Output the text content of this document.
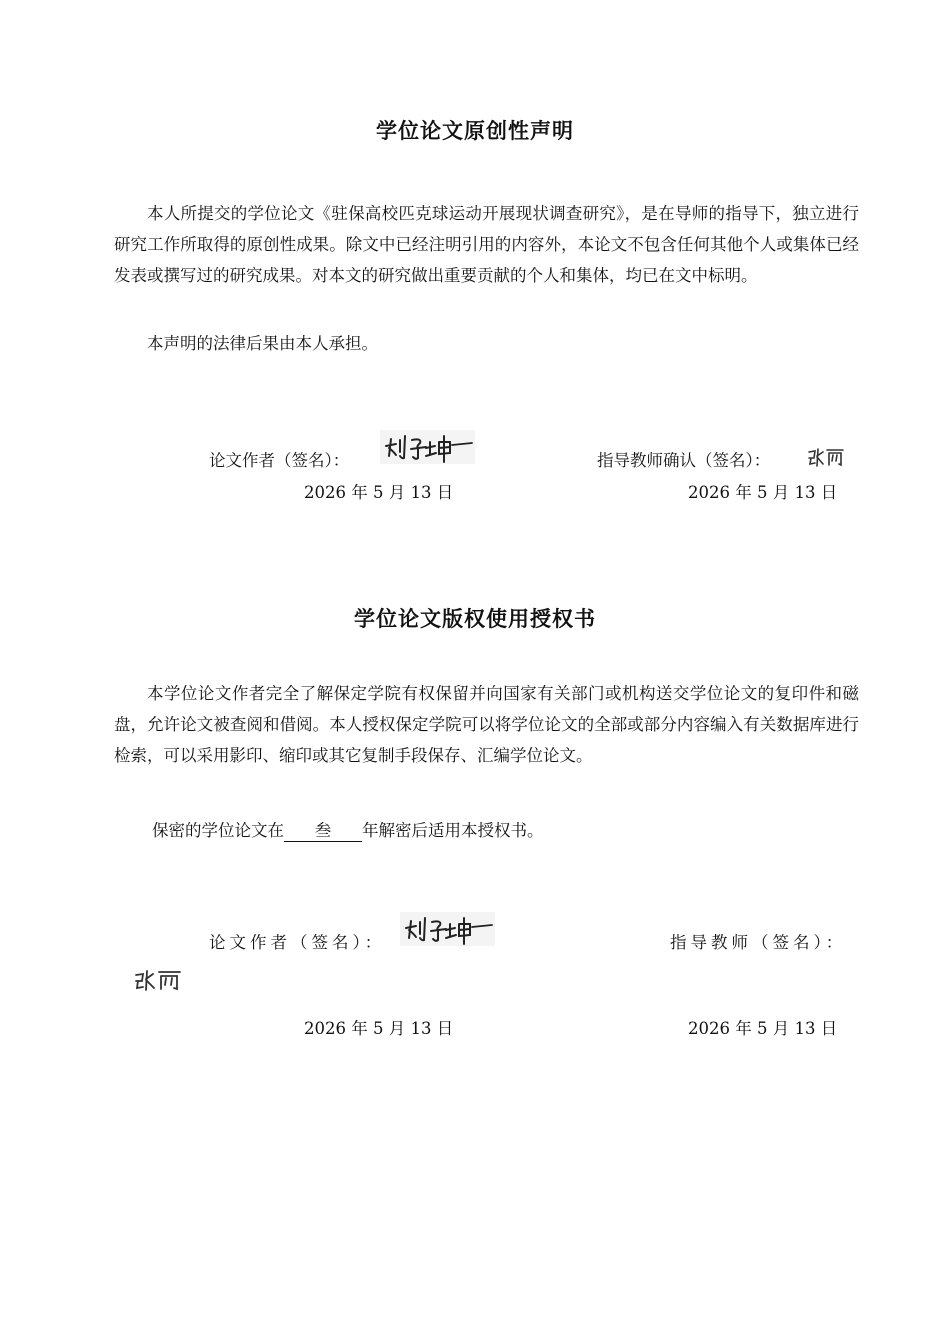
学位论文原创性声明

本人所提交的学位论文《驻保高校匹克球运动开展现状调查研究》，是在导师的指导下，独立进行研究工作所取得的原创性成果。除文中已经注明引用的内容外，本论文不包含任何其他个人或集体已经发表或撰写过的研究成果。对本文的研究做出重要贡献的个人和集体，均已在文中标明。

本声明的法律后果由本人承担。

论文作者（签名）：	指导教师确认（签名）：
2026 年 5 月 13 日	2026 年 5 月 13 日
学位论文版权使用授权书

本学位论文作者完全了解保定学院有权保留并向国家有关部门或机构送交学位论文的复印件和磁盘，允许论文被查阅和借阅。本人授权保定学院可以将学位论文的全部或部分内容编入有关数据库进行检索，可以采用影印、缩印或其它复制手段保存、汇编学位论文。

保密的学位论文在 叁 年解密后适用本授权书。

论文作者（签名）：	指导教师（签名）：
2026 年 5 月 13 日	2026 年 5 月 13 日
